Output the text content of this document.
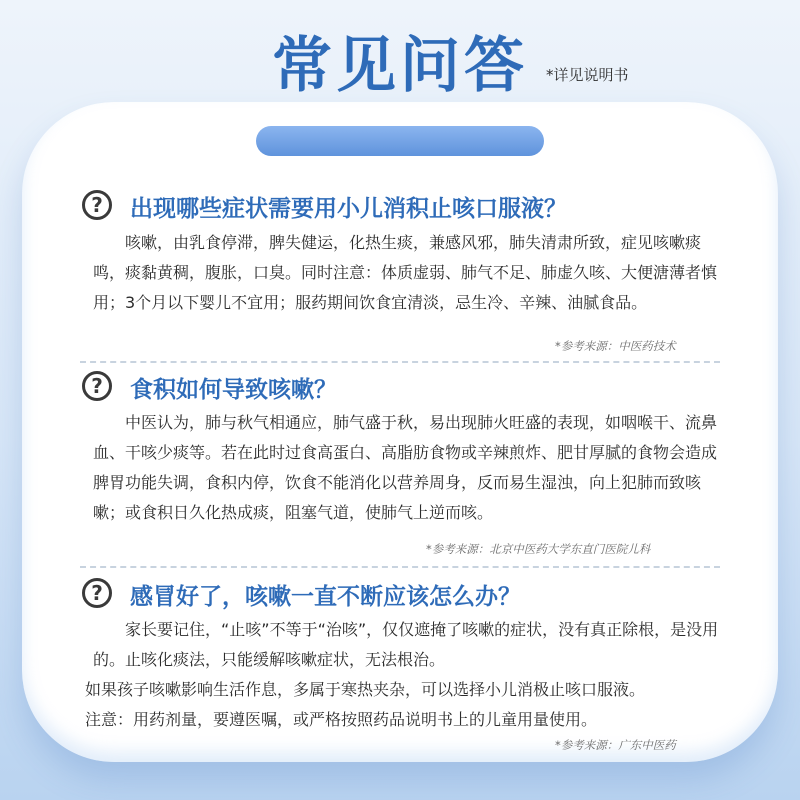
常见问答	*详见说明书
?	出现哪些症状需要用小儿消积止咳口服液？

咳嗽，由乳食停滞，脾失健运，化热生痰，兼感风邪，肺失清肃所致，症见咳嗽痰鸣，痰黏黄稠，腹胀，口臭。同时注意：体质虚弱、肺气不足、肺虚久咳、大便溏薄者慎用；3个月以下婴儿不宜用；服药期间饮食宜清淡，忌生冷、辛辣、油腻食品。

*参考来源：中医药技术
?	食积如何导致咳嗽？

中医认为，肺与秋气相通应，肺气盛于秋，易出现肺火旺盛的表现，如咽喉干、流鼻血、干咳少痰等。若在此时过食高蛋白、高脂肪食物或辛辣煎炸、肥甘厚腻的食物会造成脾胃功能失调，食积内停，饮食不能消化以营养周身，反而易生湿浊，向上犯肺而致咳嗽；或食积日久化热成痰，阻塞气道，使肺气上逆而咳。

*参考来源：北京中医药大学东直门医院儿科
?	感冒好了，咳嗽一直不断应该怎么办？

家长要记住，“止咳”不等于“治咳”，仅仅遮掩了咳嗽的症状，没有真正除根，是没用的。止咳化痰法，只能缓解咳嗽症状，无法根治。

如果孩子咳嗽影响生活作息，多属于寒热夹杂，可以选择小儿消极止咳口服液。

注意：用药剂量，要遵医嘱，或严格按照药品说明书上的儿童用量使用。

*参考来源：广东中医药
